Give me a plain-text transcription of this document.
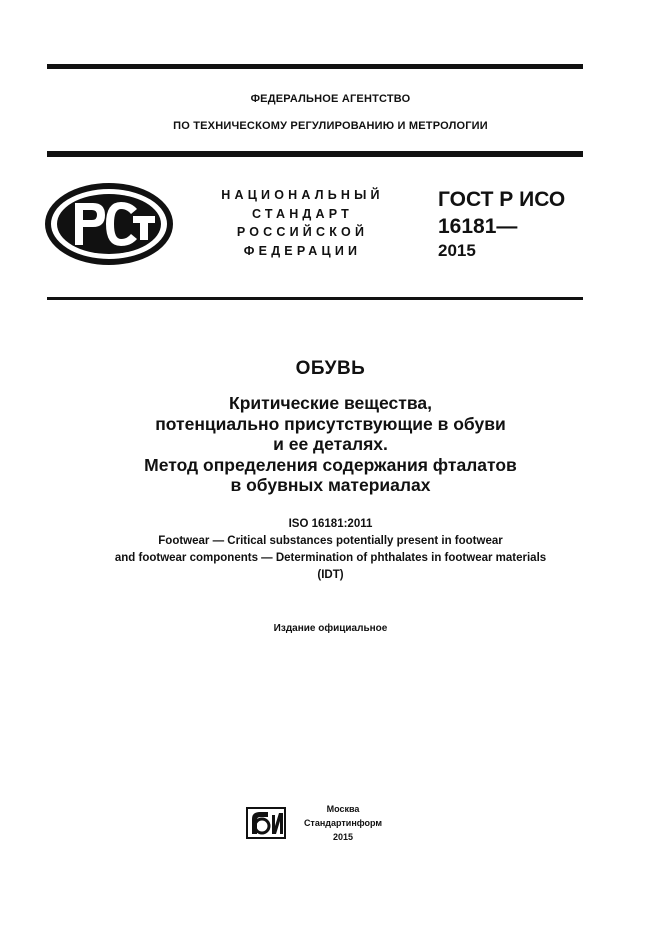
ФЕДЕРАЛЬНОЕ АГЕНТСТВО
ПО ТЕХНИЧЕСКОМУ РЕГУЛИРОВАНИЮ И МЕТРОЛОГИИ
НАЦИОНАЛЬНЫЙ
СТАНДАРТ
РОССИЙСКОЙ
ФЕДЕРАЦИИ
ГОСТ Р ИСО
16181—
2015
ОБУВЬ
Критические вещества,
потенциально присутствующие в обуви
и ее деталях.
Метод определения содержания фталатов
в обувных материалах
ISO 16181:2011
Footwear — Critical substances potentially present in footwear
and footwear components — Determination of phthalates in footwear materials
(IDT)
Издание официальное
Москва
Стандартинформ
2015
